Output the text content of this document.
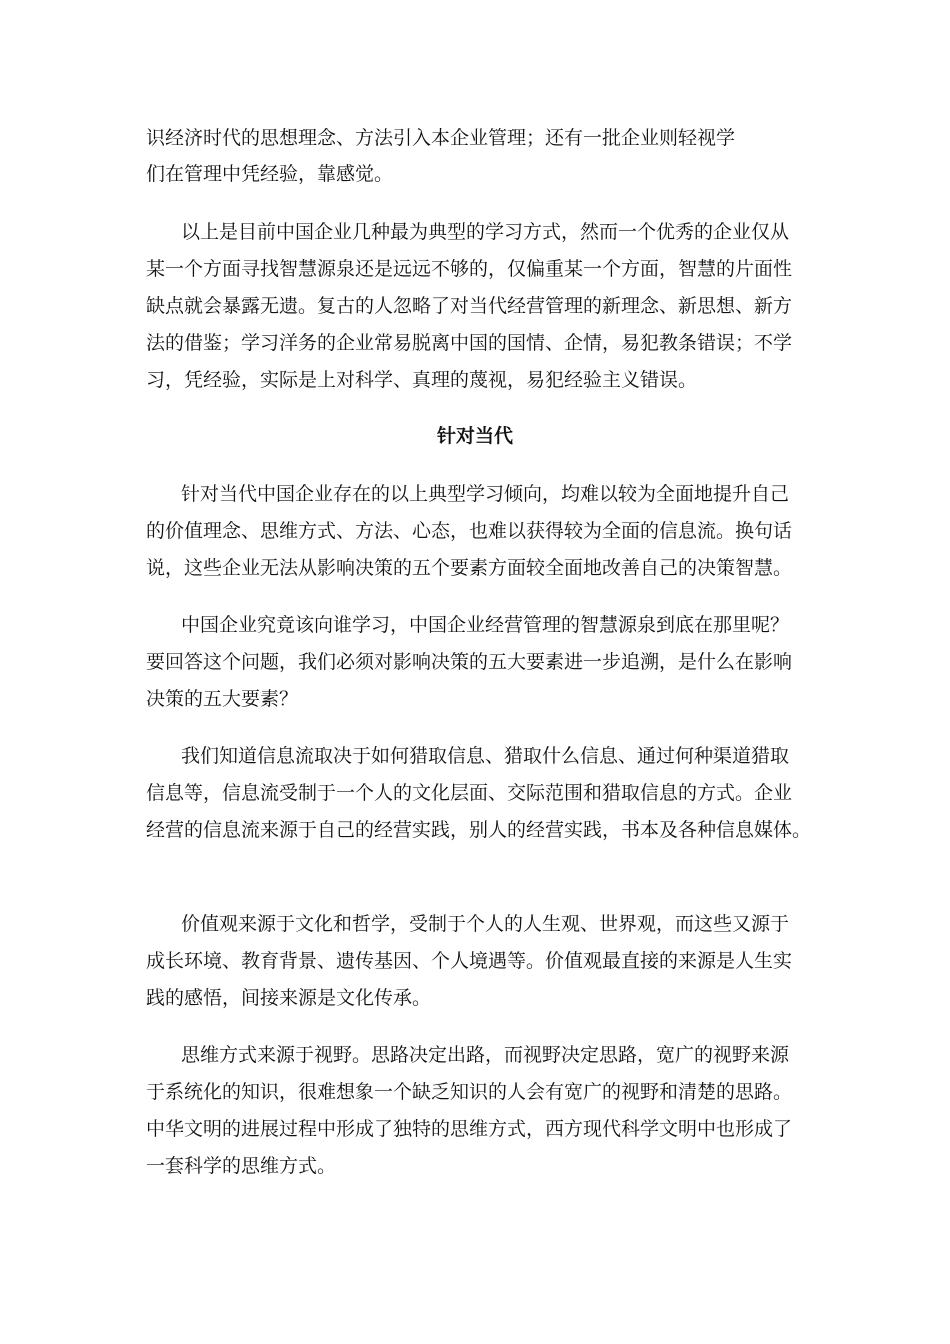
识经济时代的思想理念、方法引入本企业管理；还有一批企业则轻视学
们在管理中凭经验，靠感觉。
以上是目前中国企业几种最为典型的学习方式，然而一个优秀的企业仅从
某一个方面寻找智慧源泉还是远远不够的，仅偏重某一个方面，智慧的片面性
缺点就会暴露无遗。复古的人忽略了对当代经营管理的新理念、新思想、新方
法的借鉴；学习洋务的企业常易脱离中国的国情、企情，易犯教条错误；不学
习，凭经验，实际是上对科学、真理的蔑视，易犯经验主义错误。
针对当代
针对当代中国企业存在的以上典型学习倾向，均难以较为全面地提升自己
的价值理念、思维方式、方法、心态，也难以获得较为全面的信息流。换句话
说，这些企业无法从影响决策的五个要素方面较全面地改善自己的决策智慧。
中国企业究竟该向谁学习，中国企业经营管理的智慧源泉到底在那里呢？
要回答这个问题，我们必须对影响决策的五大要素进一步追溯，是什么在影响
决策的五大要素？
我们知道信息流取决于如何猎取信息、猎取什么信息、通过何种渠道猎取
信息等，信息流受制于一个人的文化层面、交际范围和猎取信息的方式。企业
经营的信息流来源于自己的经营实践，别人的经营实践，书本及各种信息媒体。
价值观来源于文化和哲学，受制于个人的人生观、世界观，而这些又源于
成长环境、教育背景、遗传基因、个人境遇等。价值观最直接的来源是人生实
践的感悟，间接来源是文化传承。
思维方式来源于视野。思路决定出路，而视野决定思路，宽广的视野来源
于系统化的知识，很难想象一个缺乏知识的人会有宽广的视野和清楚的思路。
中华文明的进展过程中形成了独特的思维方式，西方现代科学文明中也形成了
一套科学的思维方式。
